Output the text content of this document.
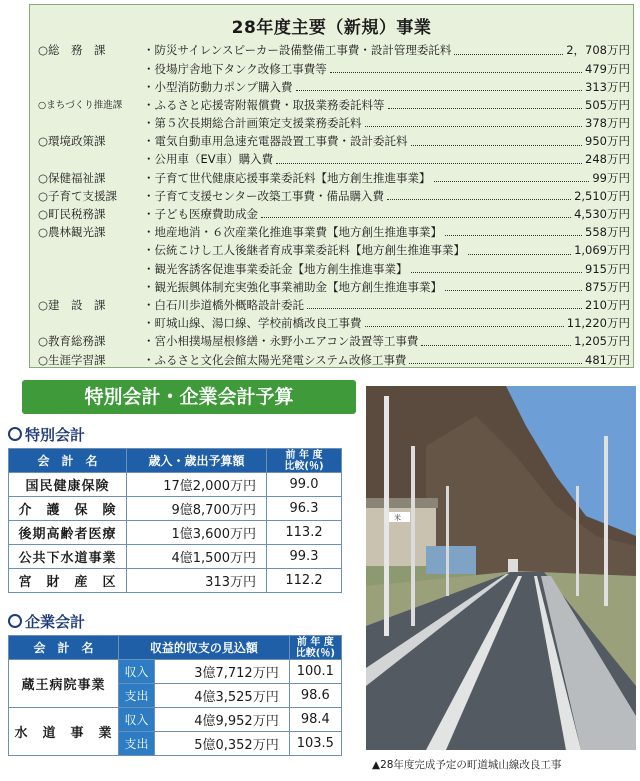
28年度主要（新規）事業
○総　務　課	・防災サイレンスピーカー設備整備工事費・設計管理委託料	2，708万円
・役場庁舎地下タンク改修工事費等	479万円
・小型消防動力ポンプ購入費	313万円
○まちづくり推進課	・ふるさと応援寄附報償費・取扱業務委託料等	505万円
・第５次長期総合計画策定支援業務委託料	378万円
○環境政策課	・電気自動車用急速充電器設置工事費・設計委託料	950万円
・公用車（EV車）購入費	248万円
○保健福祉課	・子育て世代健康応援事業委託料【地方創生推進事業】	99万円
○子育て支援課	・子育て支援センター改築工事費・備品購入費	2,510万円
○町民税務課	・子ども医療費助成金	4,530万円
○農林観光課	・地産地消・６次産業化推進事業費【地方創生推進事業】	558万円
・伝統こけし工人後継者育成事業委託料【地方創生推進事業】	1,069万円
・観光客誘客促進事業委託金【地方創生推進事業】	915万円
・観光振興体制充実強化事業補助金【地方創生推進事業】	875万円
○建　設　課	・白石川歩道橋外概略設計委託	210万円
・町城山線、湯口線、学校前橋改良工事費	11,220万円
○教育総務課	・宮小相撲場屋根修繕・永野小エアコン設置等工事費	1,205万円
○生涯学習課	・ふるさと文化会館太陽光発電システム改修工事費	481万円
特別会計・企業会計予算
特別会計
会　計　名	歳入・歳出予算額	前 年 度
比較(％)
国民健康保険	17億2,000万円	99.0
介　護　保　険	9億8,700万円	96.3
後期高齢者医療	1億3,600万円	113.2
公共下水道事業	4億1,500万円	99.3
宮　財　産　区	313万円	112.2
企業会計
会　計　名	収益的収支の見込額		前 年 度
比較(％)
蔵王病院事業	収入	3億7,712万円	100.1
	支出	4億3,525万円	98.6
水　道　事　業	収入	4億9,952万円	98.4
	支出	5億0,352万円	103.5
米
▲28年度完成予定の町道城山線改良工事
